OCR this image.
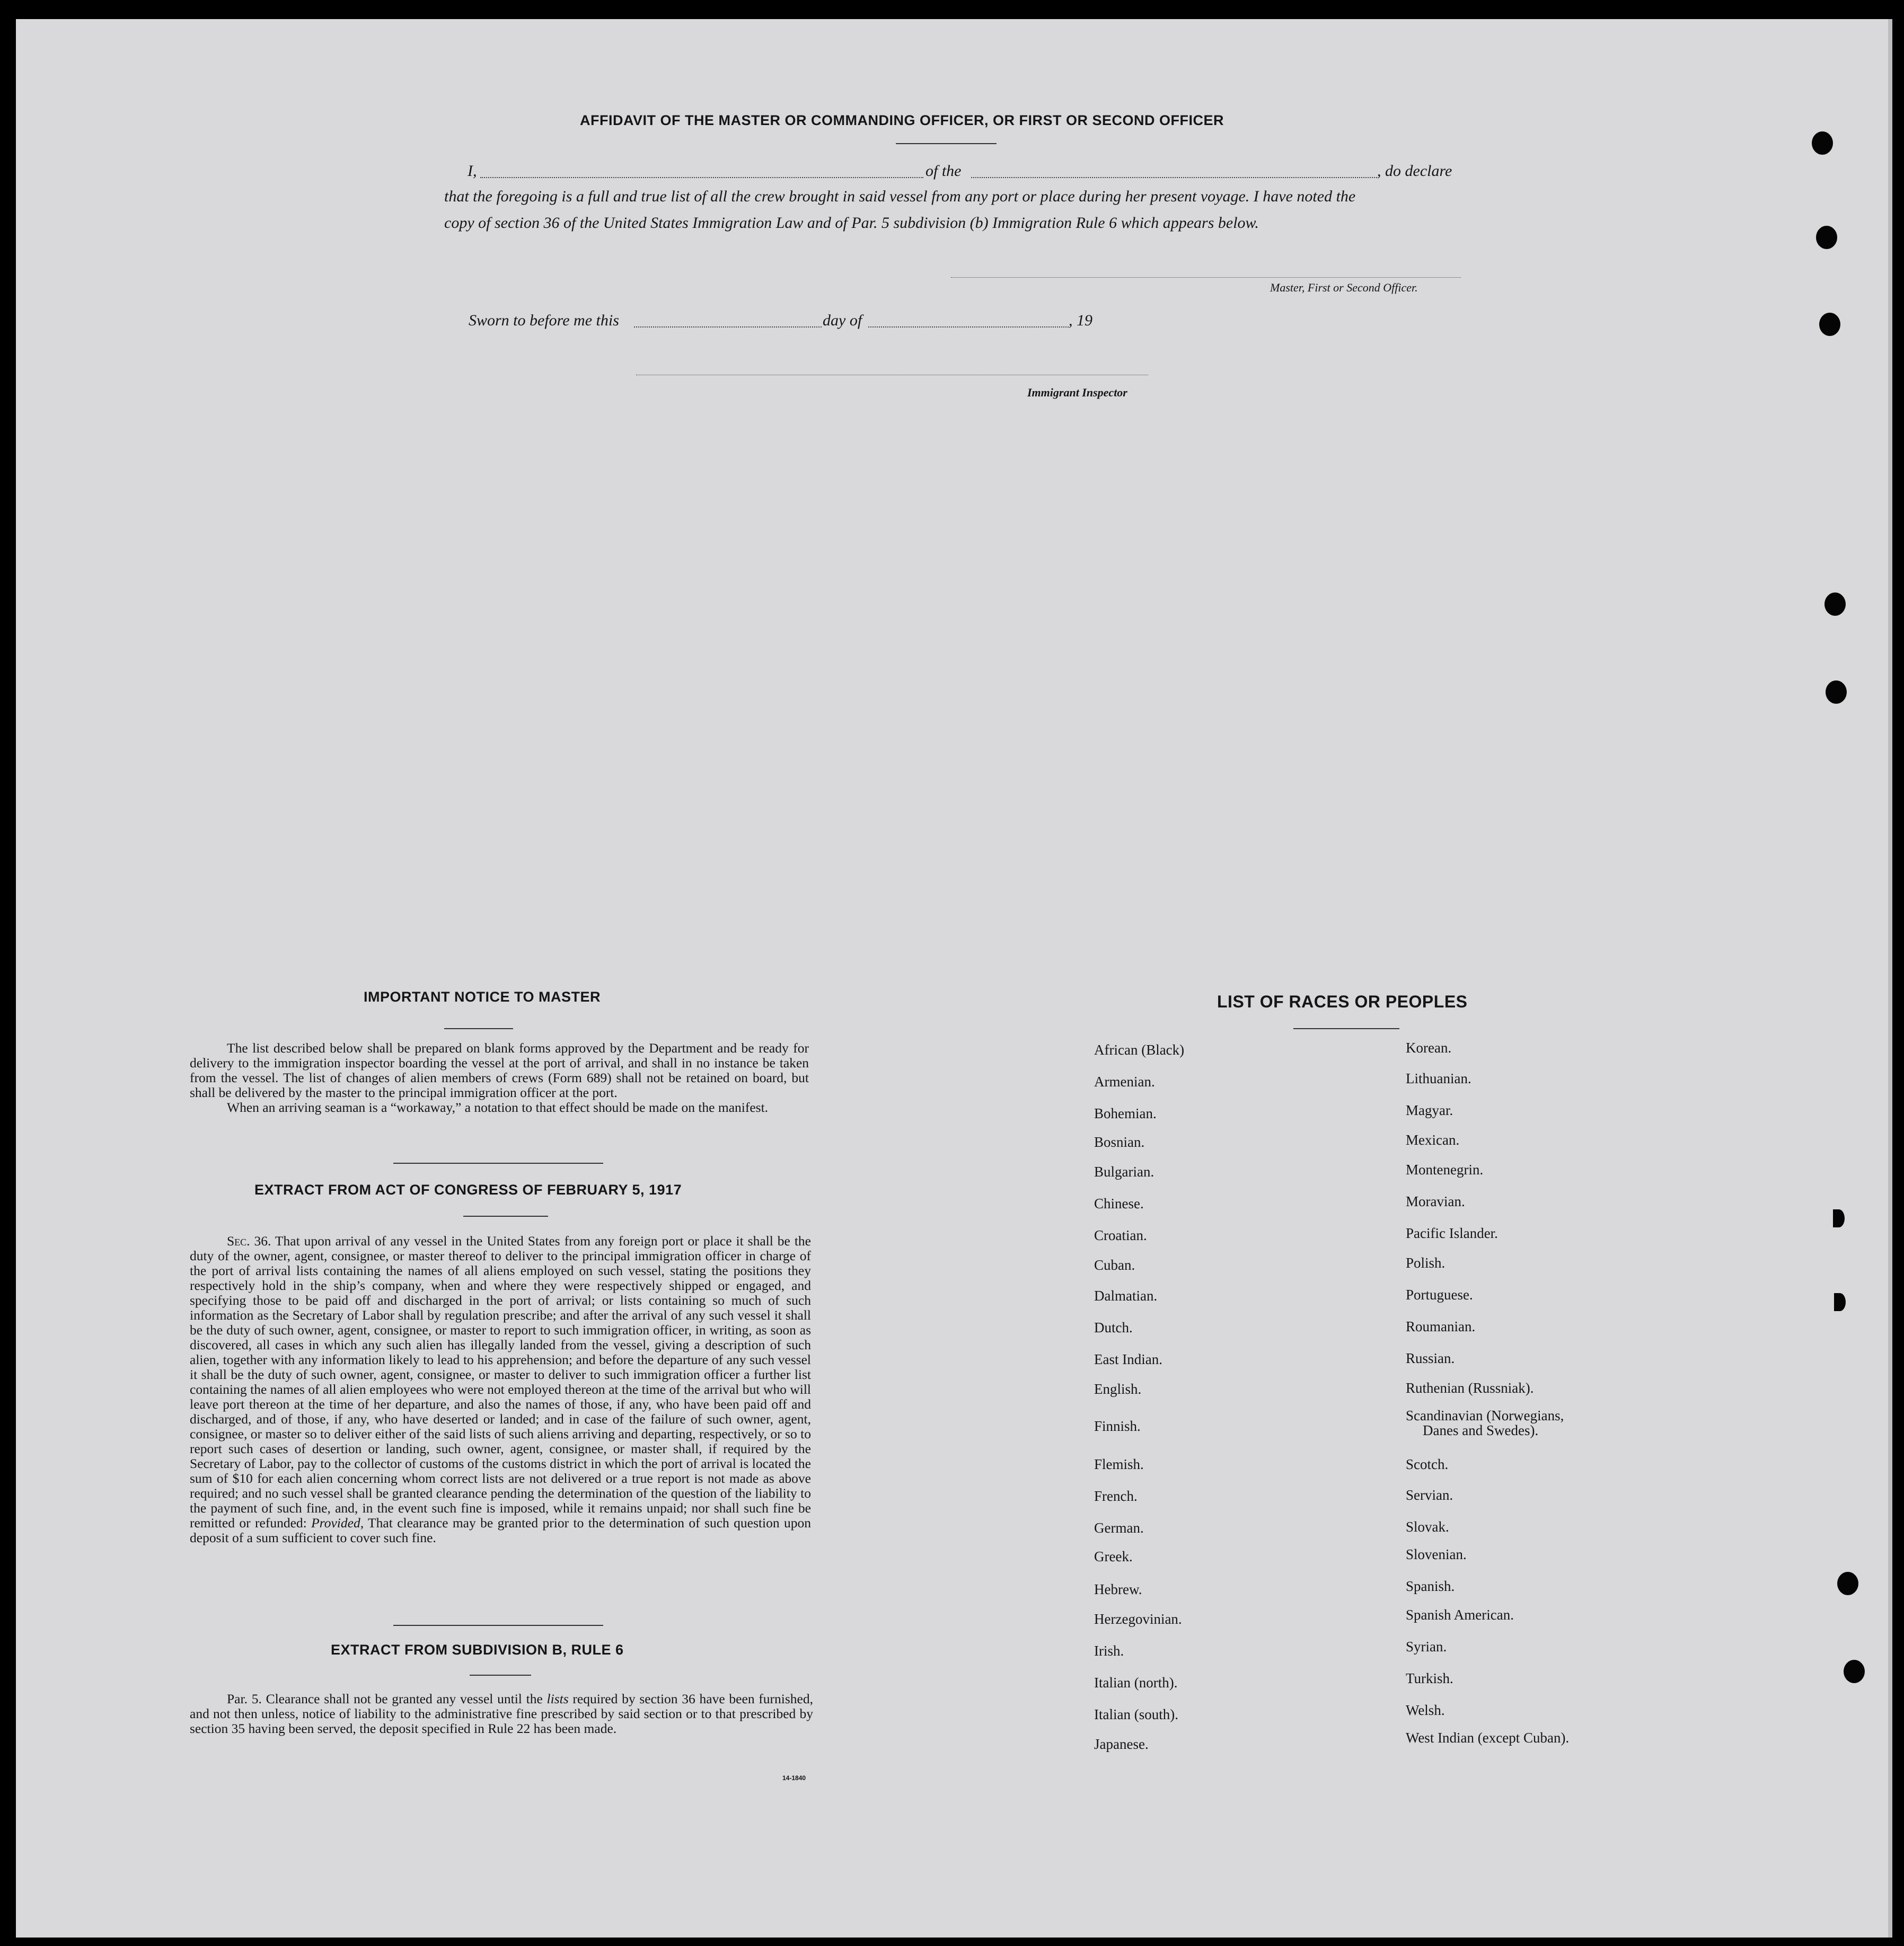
AFFIDAVIT OF THE MASTER OR COMMANDING OFFICER, OR FIRST OR SECOND OFFICER
I,	of the	, do declare
that the foregoing is a full and true list of all the crew brought in said vessel from any port or place during her present voyage. I have noted the
copy of section 36 of the United States Immigration Law and of Par. 5 subdivision (b) Immigration Rule 6 which appears below.
Master, First or Second Officer.
Sworn to before me this	day of	, 19
Immigrant Inspector
IMPORTANT NOTICE TO MASTER

The list described below shall be prepared on blank forms approved by the Department and be ready for delivery to the immigration inspector boarding the vessel at the port of arrival, and shall in no instance be taken from the vessel. The list of changes of alien members of crews (Form 689) shall not be retained on board, but shall be delivered by the master to the principal immigration officer at the port.

When an arriving seaman is a “workaway,” a notation to that effect should be made on the manifest.

EXTRACT FROM ACT OF CONGRESS OF FEBRUARY 5, 1917

Sec. 36. That upon arrival of any vessel in the United States from any foreign port or place it shall be the duty of the owner, agent, consignee, or master thereof to deliver to the principal immigration officer in charge of the port of arrival lists containing the names of all aliens employed on such vessel, stating the positions they respectively hold in the ship’s company, when and where they were respectively shipped or engaged, and specifying those to be paid off and discharged in the port of arrival; or lists containing so much of such information as the Secretary of Labor shall by regulation prescribe; and after the arrival of any such vessel it shall be the duty of such owner, agent, consignee, or master to report to such immigration officer, in writing, as soon as discovered, all cases in which any such alien has illegally landed from the vessel, giving a description of such alien, together with any information likely to lead to his apprehension; and before the departure of any such vessel it shall be the duty of such owner, agent, consignee, or master to deliver to such immigration officer a further list containing the names of all alien employees who were not employed thereon at the time of the arrival but who will leave port thereon at the time of her departure, and also the names of those, if any, who have been paid off and discharged, and of those, if any, who have deserted or landed; and in case of the failure of such owner, agent, consignee, or master so to deliver either of the said lists of such aliens arriving and departing, respectively, or so to report such cases of desertion or landing, such owner, agent, consignee, or master shall, if required by the Secretary of Labor, pay to the collector of customs of the customs district in which the port of arrival is located the sum of $10 for each alien concerning whom correct lists are not delivered or a true report is not made as above required; and no such vessel shall be granted clearance pending the determination of the question of the liability to the payment of such fine, and, in the event such fine is imposed, while it remains unpaid; nor shall such fine be remitted or refunded: Provided, That clearance may be granted prior to the determination of such question upon deposit of a sum sufficient to cover such fine.

EXTRACT FROM SUBDIVISION B, RULE 6

Par. 5. Clearance shall not be granted any vessel until the lists required by section 36 have been furnished, and not then unless, notice of liability to the administrative fine prescribed by said section or to that prescribed by section 35 having been served, the deposit specified in Rule 22 has been made.

14-1840
LIST OF RACES OR PEOPLES
African (Black)
Armenian.
Bohemian.
Bosnian.
Bulgarian.
Chinese.
Croatian.
Cuban.
Dalmatian.
Dutch.
East Indian.
English.
Finnish.
Flemish.
French.
German.
Greek.
Hebrew.
Herzegovinian.
Irish.
Italian (north).
Italian (south).
Japanese.
Korean.
Lithuanian.
Magyar.
Mexican.
Montenegrin.
Moravian.
Pacific Islander.
Polish.
Portuguese.
Roumanian.
Russian.
Ruthenian (Russniak).
Scandinavian (Norwegians,
Danes and Swedes).
Scotch.
Servian.
Slovak.
Slovenian.
Spanish.
Spanish American.
Syrian.
Turkish.
Welsh.
West Indian (except Cuban).
